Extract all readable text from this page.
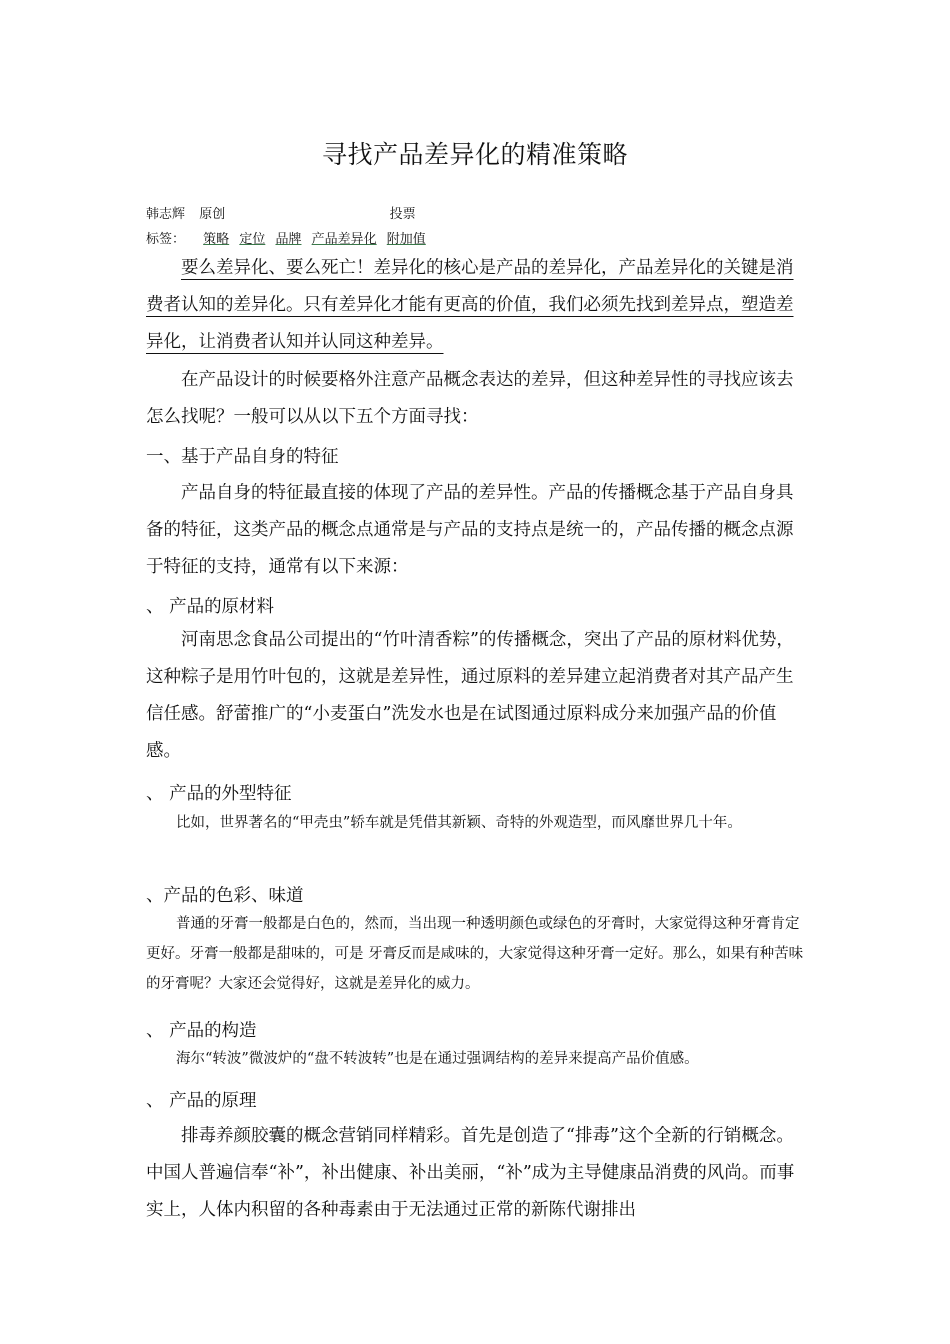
寻找产品差异化的精准策略
韩志辉 原创	投票
标签： 策略 定位 品牌 产品差异化 附加值
要么差异化、要么死亡！差异化的核心是产品的差异化，产品差异化的关键是消费者认知的差异化。只有差异化才能有更高的价值，我们必须先找到差异点，塑造差异化，让消费者认知并认同这种差异。
在产品设计的时候要格外注意产品概念表达的差异，但这种差异性的寻找应该去怎么找呢？一般可以从以下五个方面寻找：
一、基于产品自身的特征
产品自身的特征最直接的体现了产品的差异性。产品的传播概念基于产品自身具备的特征，这类产品的概念点通常是与产品的支持点是统一的，产品传播的概念点源于特征的支持，通常有以下来源：
、 产品的原材料
河南思念食品公司提出的“竹叶清香粽”的传播概念，突出了产品的原材料优势，这种粽子是用竹叶包的，这就是差异性，通过原料的差异建立起消费者对其产品产生信任感。舒蕾推广的“小麦蛋白”洗发水也是在试图通过原料成分来加强产品的价值感。
、 产品的外型特征
比如，世界著名的“甲壳虫”轿车就是凭借其新颖、奇特的外观造型，而风靡世界几十年。
、产品的色彩、味道
普通的牙膏一般都是白色的，然而，当出现一种透明颜色或绿色的牙膏时，大家觉得这种牙膏肯定更好。牙膏一般都是甜味的，可是 牙膏反而是咸味的，大家觉得这种牙膏一定好。那么，如果有种苦味的牙膏呢？大家还会觉得好，这就是差异化的威力。
、 产品的构造
海尔“转波”微波炉的“盘不转波转”也是在通过强调结构的差异来提高产品价值感。
、 产品的原理
排毒养颜胶囊的概念营销同样精彩。首先是创造了“排毒”这个全新的行销概念。中国人普遍信奉“补”，补出健康、补出美丽，“补”成为主导健康品消费的风尚。而事实上，人体内积留的各种毒素由于无法通过正常的新陈代谢排出
